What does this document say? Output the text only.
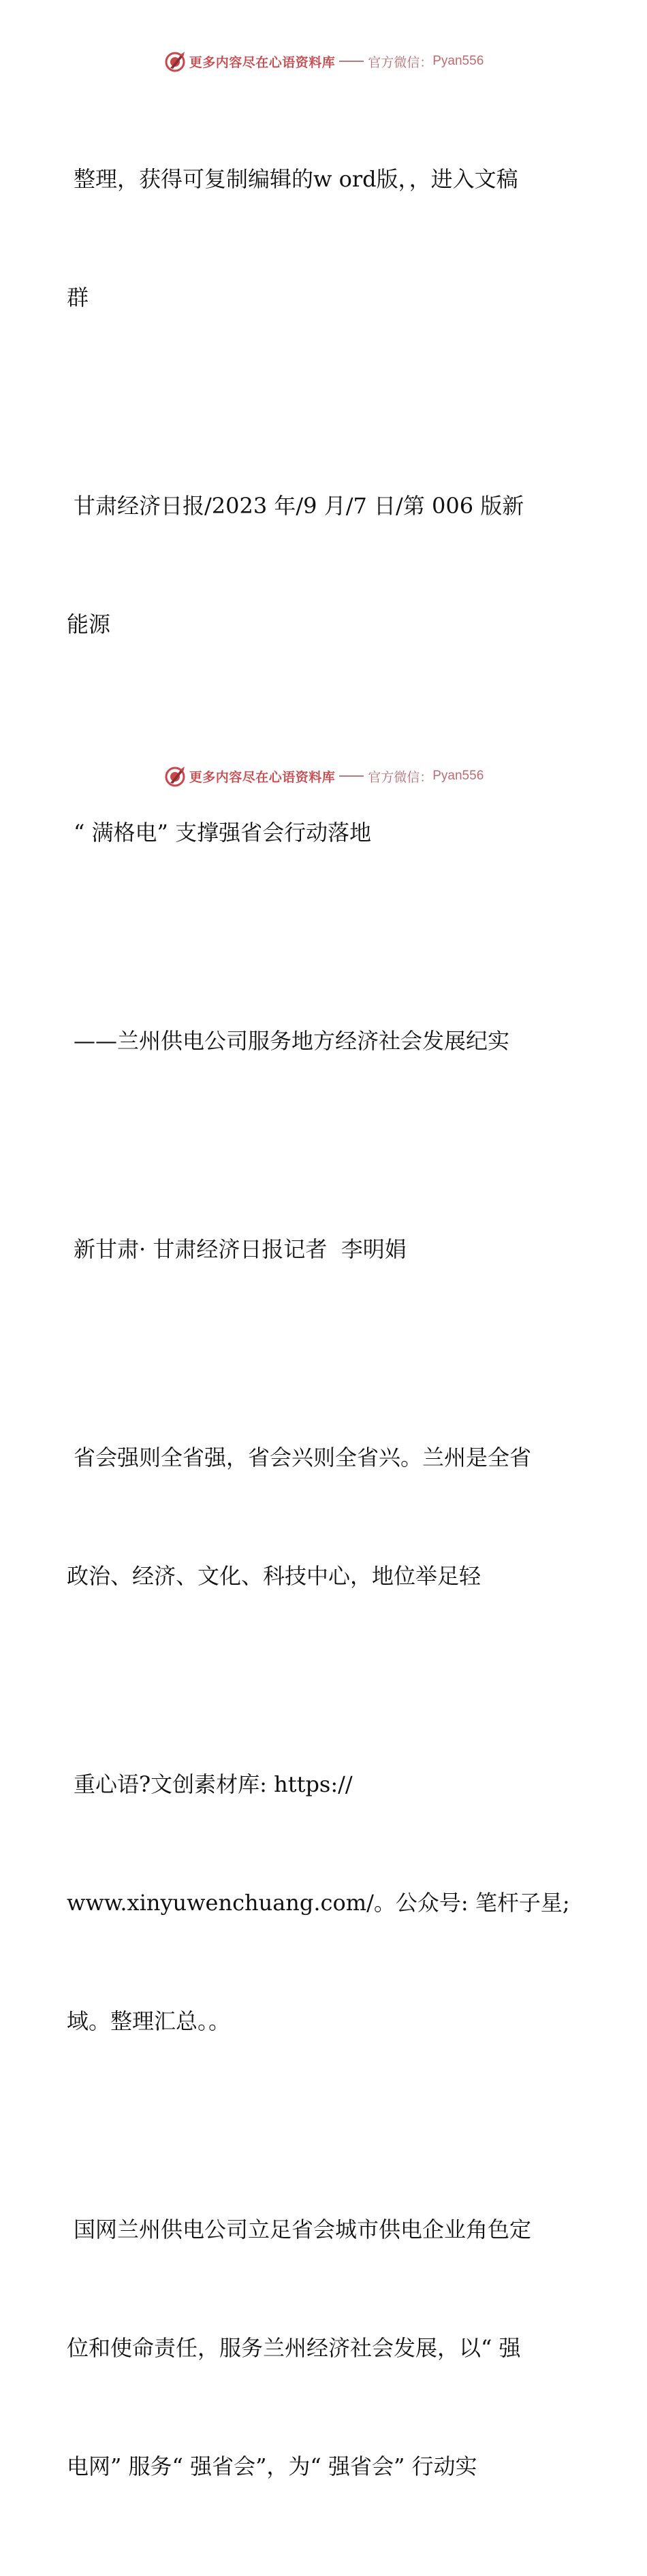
更多内容尽在心语资料库	官方微信： Pyan556

整理，获得可复制编辑的w ord版，，进入文稿

群

甘肃经济日报/2023 年/9 月/7 日/第 006 版新

能源

“ 满格电” 支撑强省会行动落地

——兰州供电公司服务地方经济社会发展纪实

新甘肃· 甘肃经济日报记者  李明娟

省会强则全省强，省会兴则全省兴。兰州是全省

政治、经济、文化、科技中心，地位举足轻

重心语?文创素材库: https://

www.xinyuwenchuang.com/。公众号: 笔杆子星;

域。整理汇总。。

国网兰州供电公司立足省会城市供电企业角色定

位和使命责任，服务兰州经济社会发展，以“ 强

电网” 服务“ 强省会”，为“ 强省会” 行动实

更多内容尽在心语资料库	官方微信： Pyan556
